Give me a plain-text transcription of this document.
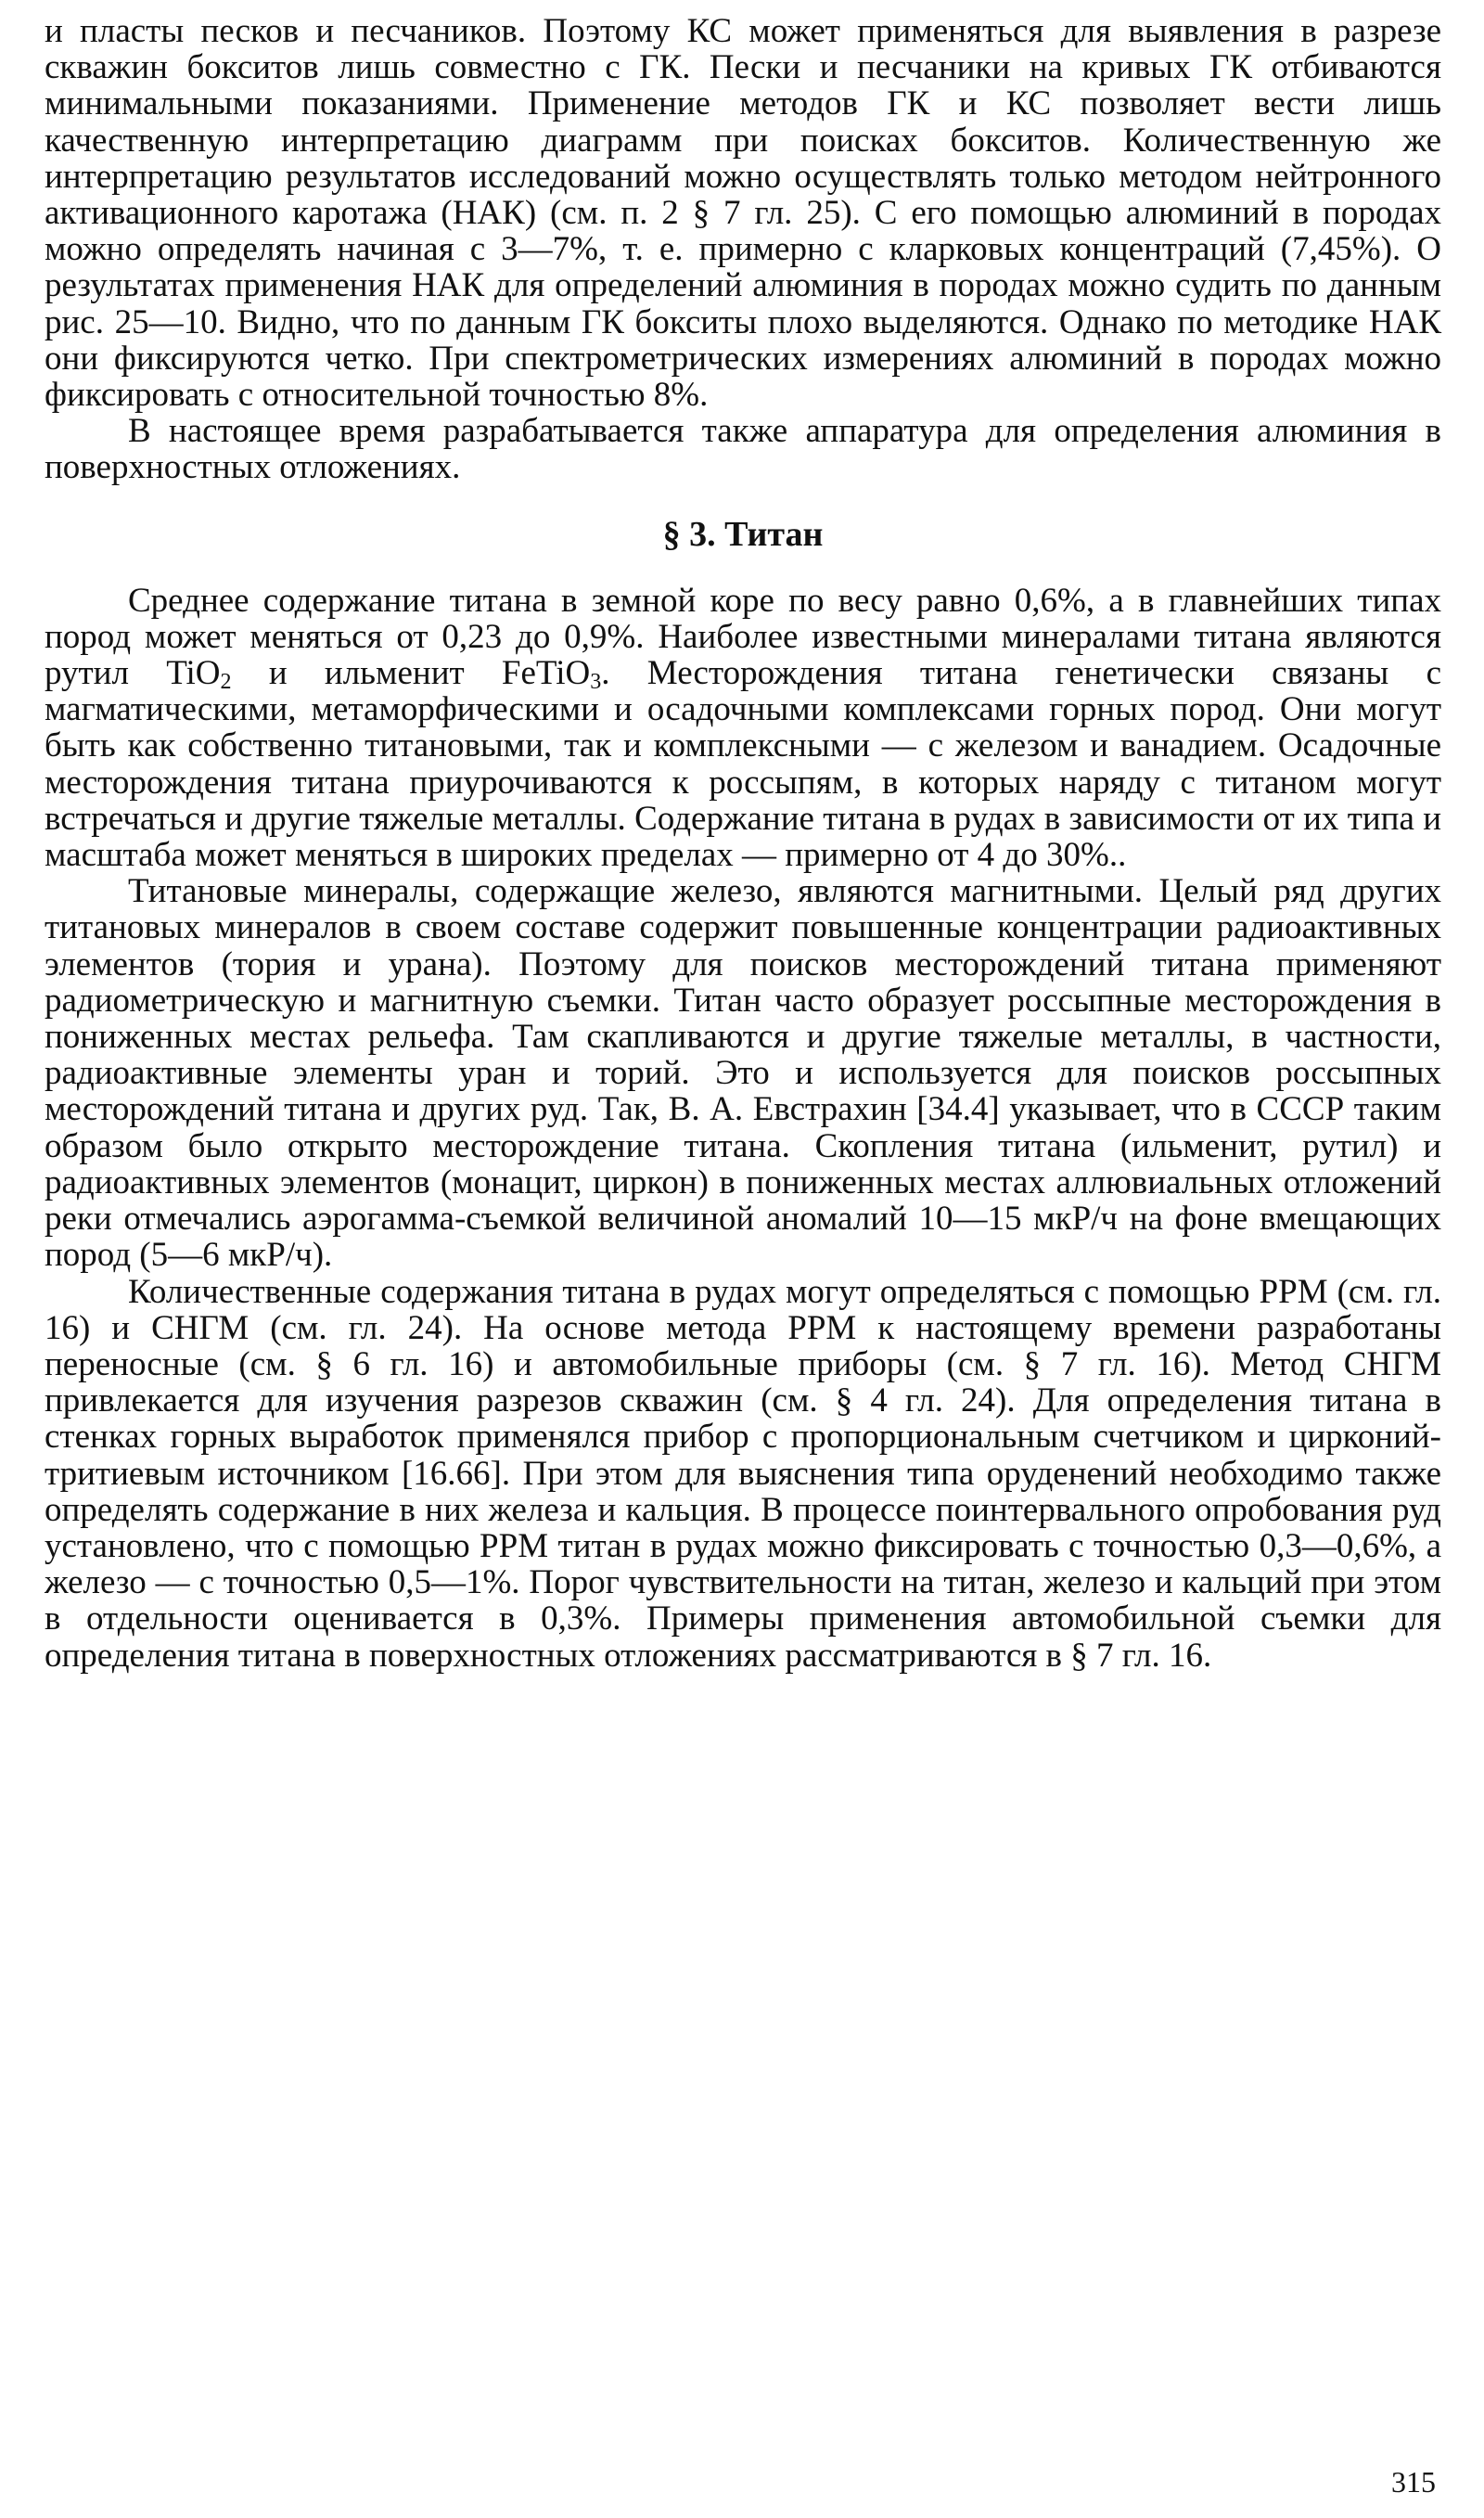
и пласты песков и песчаников. Поэтому КС может применяться для выявления в разрезе скважин бокситов лишь совместно с ГК. Пески и песчаники на кривых ГК отбиваются минимальными показаниями. Применение методов ГК и КС позволяет вести лишь качественную интерпретацию диаграмм при поисках бокситов. Количественную же интерпретацию результатов исследований можно осуществлять только методом нейтронного активационного каротажа (НАК) (см. п. 2 § 7 гл. 25). С его помощью алюминий в породах можно определять начиная с 3—7%, т. е. примерно с кларковых концентраций (7,45%). О результатах применения НАК для определений алюминия в породах можно судить по данным рис. 25—10. Видно, что по данным ГК бокситы плохо выделяются. Однако по методике НАК они фиксируются четко. При спектрометрических измерениях алюминий в породах можно фиксировать с относительной точностью 8%.

В настоящее время разрабатывается также аппаратура для определения алюминия в поверхностных отложениях.

§ 3. Титан

Среднее содержание титана в земной коре по весу равно 0,6%, а в главнейших типах пород может меняться от 0,23 до 0,9%. Наиболее известными минералами титана являются рутил TiO$_2$ и ильменит FeTiO$_3$. Месторождения титана генетически связаны с магматическими, метаморфическими и осадочными комплексами горных пород. Они могут быть как собственно титановыми, так и комплексными — с железом и ванадием. Осадочные месторождения титана приурочиваются к россыпям, в которых наряду с титаном могут встречаться и другие тяжелые металлы. Содержание титана в рудах в зависимости от их типа и масштаба может меняться в широких пределах — примерно от 4 до 30%..

Титановые минералы, содержащие железо, являются магнитными. Целый ряд других титановых минералов в своем составе содержит повышенные концентрации радиоактивных элементов (тория и урана). Поэтому для поисков месторождений титана применяют радиометрическую и магнитную съемки. Титан часто образует россыпные месторождения в пониженных местах рельефа. Там скапливаются и другие тяжелые металлы, в частности, радиоактивные элементы уран и торий. Это и используется для поисков россыпных месторождений титана и других руд. Так, В. А. Евстрахин [34.4] указывает, что в СССР таким образом было открыто месторождение титана. Скопления титана (ильменит, рутил) и радиоактивных элементов (монацит, циркон) в пониженных местах аллювиальных отложений реки отмечались аэрогамма-съемкой величиной аномалий 10—15 мкР/ч на фоне вмещающих пород (5—6 мкР/ч).

Количественные содержания титана в рудах могут определяться с помощью РРМ (см. гл. 16) и СНГМ (см. гл. 24). На основе метода РРМ к настоящему времени разработаны переносные (см. § 6 гл. 16) и автомобильные приборы (см. § 7 гл. 16). Метод СНГМ привлекается для изучения разрезов скважин (см. § 4 гл. 24). Для определения титана в стенках горных выработок применялся прибор с пропорциональным счетчиком и цирконий-тритиевым источником [16.66]. При этом для выяснения типа оруденений необходимо также определять содержание в них железа и кальция. В процессе поинтервального опробования руд установлено, что с помощью РРМ титан в рудах можно фиксировать с точностью 0,3—0,6%, а железо — с точностью 0,5—1%. Порог чувствительности на титан, железо и кальций при этом в отдельности оценивается в 0,3%. Примеры применения автомобильной съемки для определения титана в поверхностных отложениях рассматриваются в § 7 гл. 16.

315
